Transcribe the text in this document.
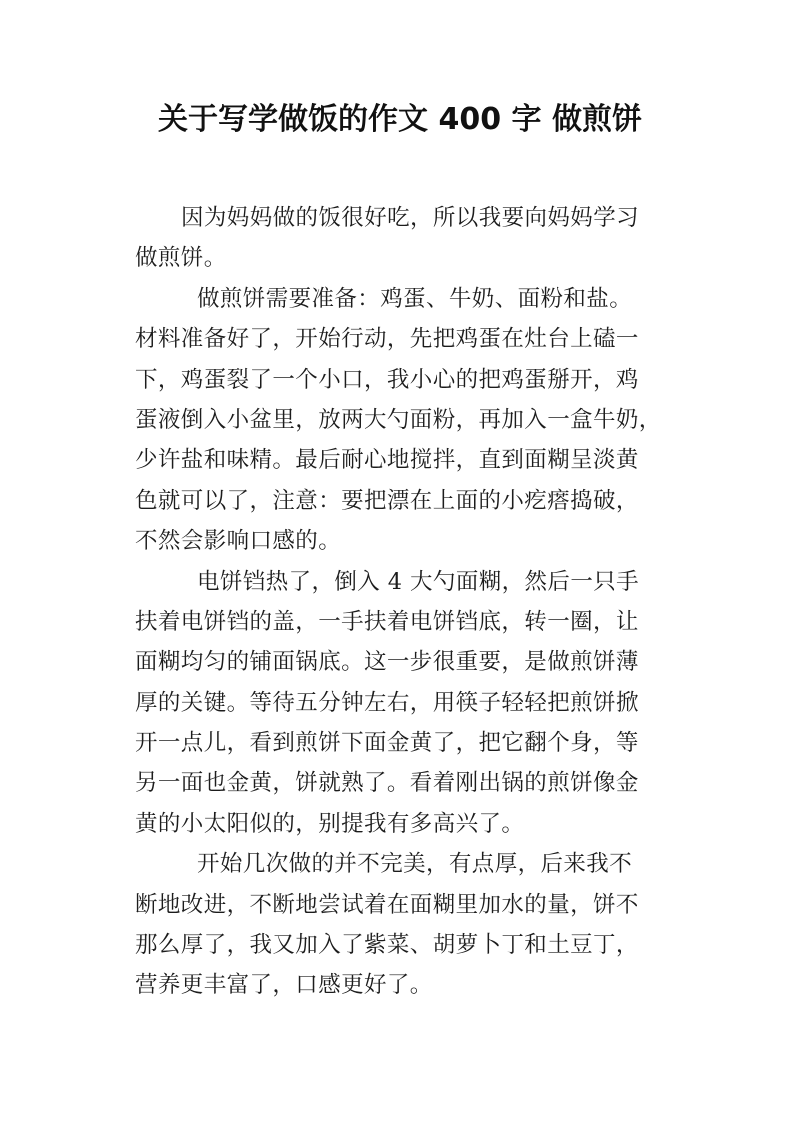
关于写学做饭的作文 400 字 做煎饼
因为妈妈做的饭很好吃，所以我要向妈妈学习
做煎饼。
做煎饼需要准备：鸡蛋、牛奶、面粉和盐。
材料准备好了，开始行动，先把鸡蛋在灶台上磕一
下，鸡蛋裂了一个小口，我小心的把鸡蛋掰开，鸡
蛋液倒入小盆里，放两大勺面粉，再加入一盒牛奶，
少许盐和味精。最后耐心地搅拌，直到面糊呈淡黄
色就可以了，注意：要把漂在上面的小疙瘩捣破，
不然会影响口感的。
电饼铛热了，倒入 4 大勺面糊，然后一只手
扶着电饼铛的盖，一手扶着电饼铛底，转一圈，让
面糊均匀的铺面锅底。这一步很重要，是做煎饼薄
厚的关键。等待五分钟左右，用筷子轻轻把煎饼掀
开一点儿，看到煎饼下面金黄了，把它翻个身，等
另一面也金黄，饼就熟了。看着刚出锅的煎饼像金
黄的小太阳似的，别提我有多高兴了。
开始几次做的并不完美，有点厚，后来我不
断地改进，不断地尝试着在面糊里加水的量，饼不
那么厚了，我又加入了紫菜、胡萝卜丁和土豆丁，
营养更丰富了，口感更好了。
